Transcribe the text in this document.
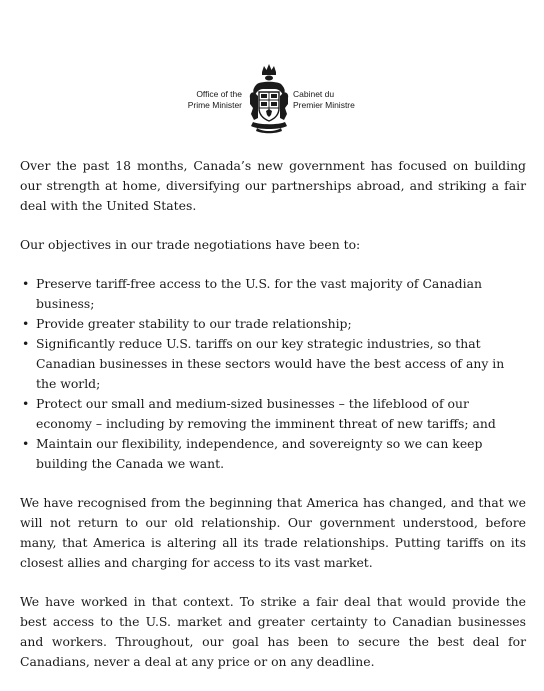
Office of the
Prime Minister
Cabinet du
Premier Ministre

Over the past 18 months, Canada’s new government has focused on building our strength at home, diversifying our partnerships abroad, and striking a fair deal with the United States.

Our objectives in our trade negotiations have been to:

• Preserve tariff-free access to the U.S. for the vast majority of Canadian business;
• Provide greater stability to our trade relationship;
• Significantly reduce U.S. tariffs on our key strategic industries, so that Canadian businesses in these sectors would have the best access of any in the world;
• Protect our small and medium-sized businesses – the lifeblood of our economy – including by removing the imminent threat of new tariffs; and
• Maintain our flexibility, independence, and sovereignty so we can keep building the Canada we want.

We have recognised from the beginning that America has changed, and that we will not return to our old relationship. Our government understood, before many, that America is altering all its trade relationships. Putting tariffs on its closest allies and charging for access to its vast market.

We have worked in that context. To strike a fair deal that would provide the best access to the U.S. market and greater certainty to Canadian businesses and workers. Throughout, our goal has been to secure the best deal for Canadians, never a deal at any price or on any deadline.
